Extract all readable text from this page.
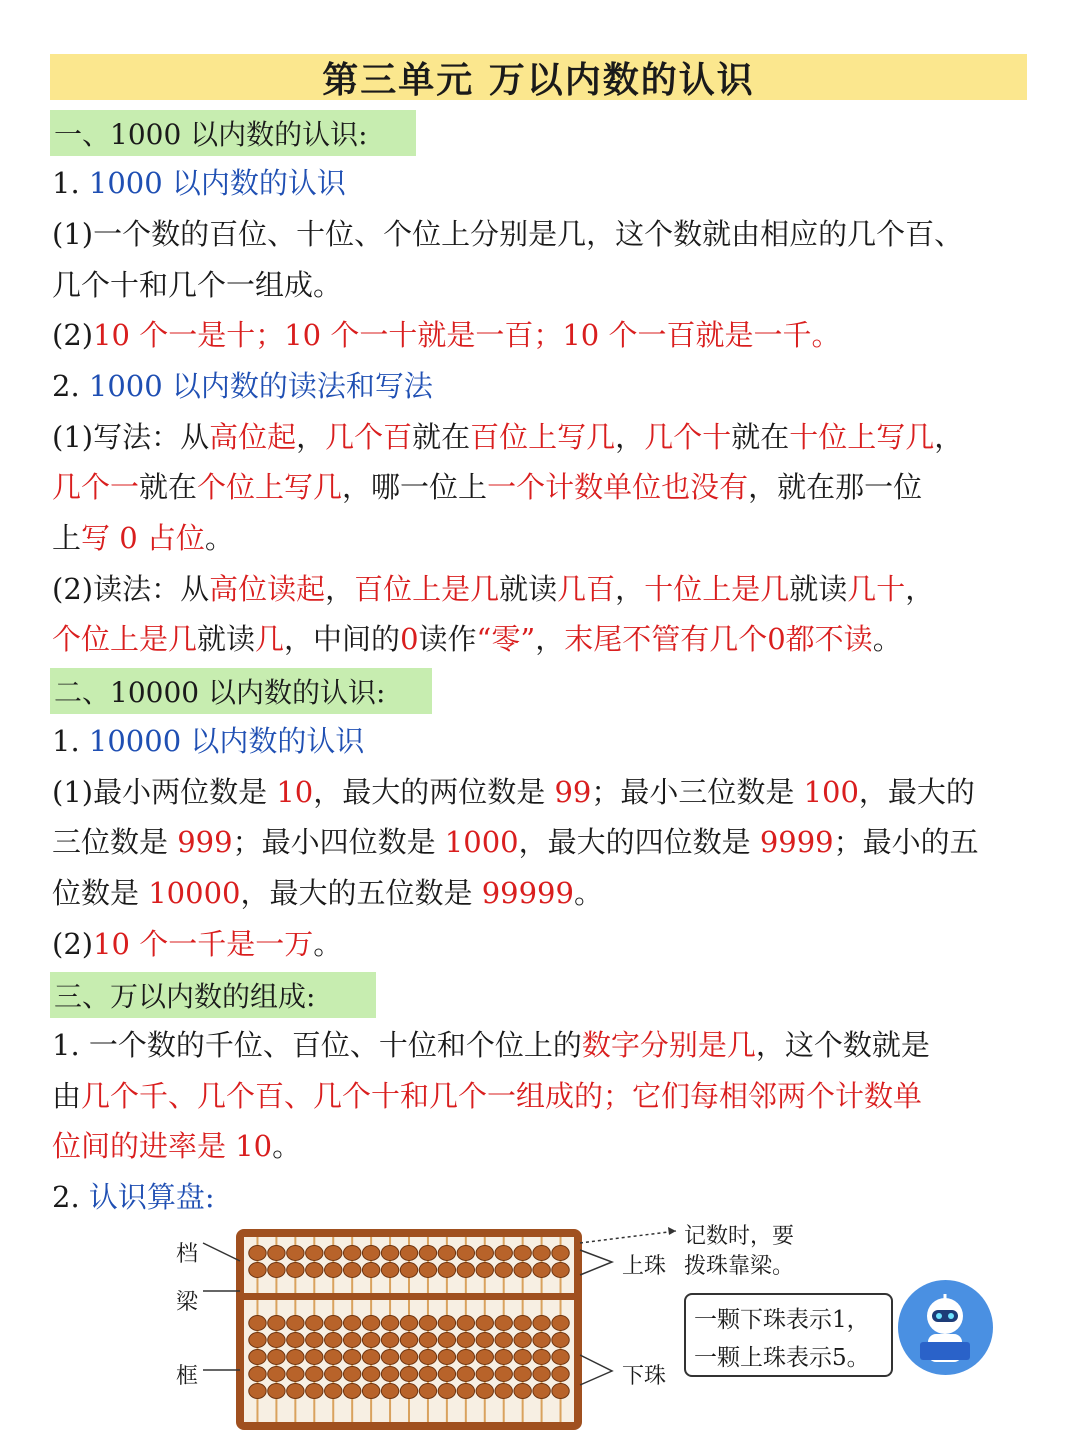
第三单元 万以内数的认识
一、1000 以内数的认识:
1. 1000 以内数的认识
(1)一个数的百位、十位、个位上分别是几，这个数就由相应的几个百、
几个十和几个一组成。
(2)10 个一是十；10 个一十就是一百；10 个一百就是一千。
2. 1000 以内数的读法和写法
(1)写法：从高位起，几个百就在百位上写几，几个十就在十位上写几，
几个一就在个位上写几，哪一位上一个计数单位也没有，就在那一位
上写 0 占位。
(2)读法：从高位读起，百位上是几就读几百，十位上是几就读几十，
个位上是几就读几，中间的0读作“零”，末尾不管有几个0都不读。
二、10000 以内数的认识:
1. 10000 以内数的认识
(1)最小两位数是 10，最大的两位数是 99；最小三位数是 100，最大的
三位数是 999；最小四位数是 1000，最大的四位数是 9999；最小的五
位数是 10000，最大的五位数是 99999。
(2)10 个一千是一万。
三、万以内数的组成:
1. 一个数的千位、百位、十位和个位上的数字分别是几，这个数就是
由几个千、几个百、几个十和几个一组成的；它们每相邻两个计数单
位间的进率是 10。
2. 认识算盘:
档
梁
框
上珠
下珠
记数时，要
拨珠靠梁。
一颗下珠表示1，
一颗上珠表示5。
